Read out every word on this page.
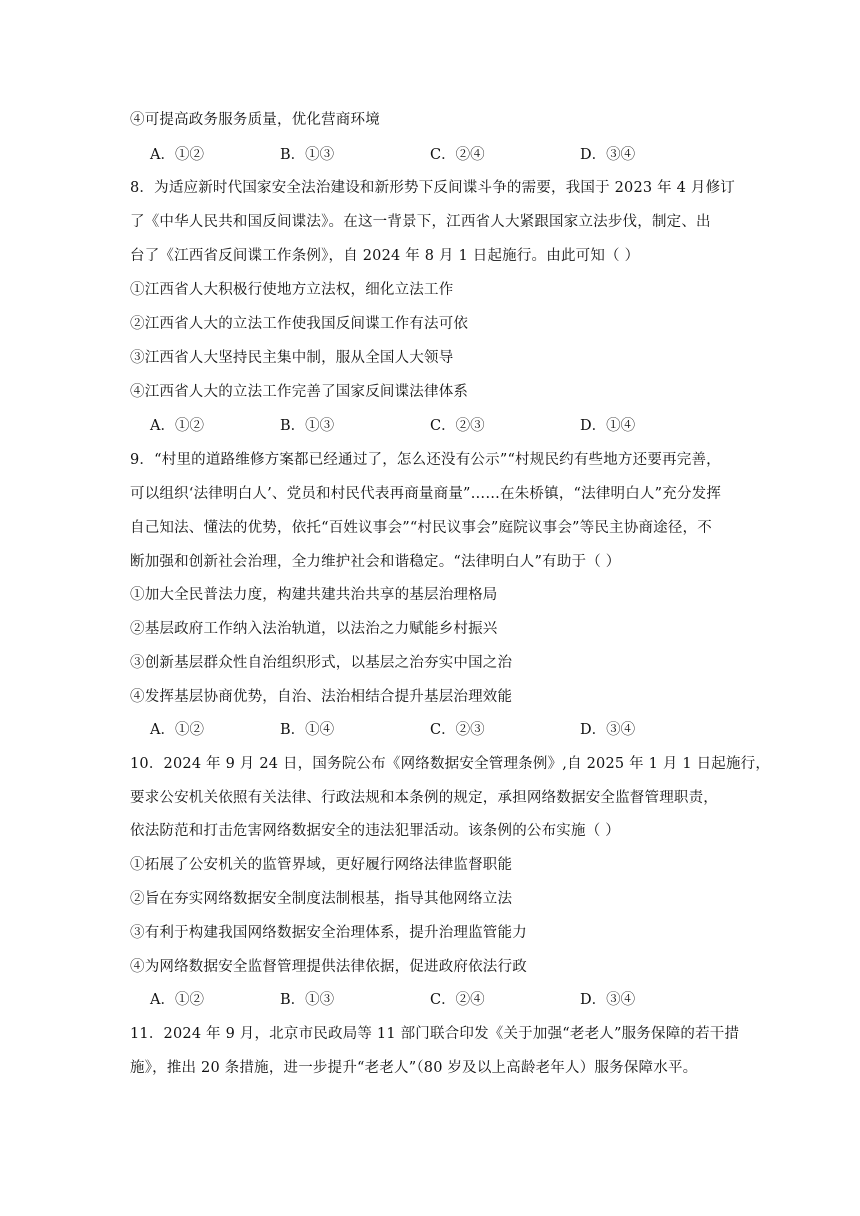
④可提高政务服务质量，优化营商环境
A．①②	B．①③	C．②④	D．③④
8．为适应新时代国家安全法治建设和新形势下反间谍斗争的需要，我国于 2023 年 4 月修订
了《中华人民共和国反间谍法》。在这一背景下，江西省人大紧跟国家立法步伐，制定、出
台了《江西省反间谍工作条例》，自 2024 年 8 月 1 日起施行。由此可知（ ）
①江西省人大积极行使地方立法权，细化立法工作
②江西省人大的立法工作使我国反间谍工作有法可依
③江西省人大坚持民主集中制，服从全国人大领导
④江西省人大的立法工作完善了国家反间谍法律体系
A．①②	B．①③	C．②③	D．①④
9．“村里的道路维修方案都已经通过了，怎么还没有公示”“村规民约有些地方还要再完善，
可以组织‘法律明白人’、党员和村民代表再商量商量”……在朱桥镇，“法律明白人”充分发挥
自己知法、懂法的优势，依托“百姓议事会”“村民议事会”庭院议事会”等民主协商途径，不
断加强和创新社会治理，全力维护社会和谐稳定。“法律明白人”有助于（ ）
①加大全民普法力度，构建共建共治共享的基层治理格局
②基层政府工作纳入法治轨道，以法治之力赋能乡村振兴
③创新基层群众性自治组织形式，以基层之治夯实中国之治
④发挥基层协商优势，自治、法治相结合提升基层治理效能
A．①②	B．①④	C．②③	D．③④
10．2024 年 9 月 24 日，国务院公布《网络数据安全管理条例》,自 2025 年 1 月 1 日起施行，
要求公安机关依照有关法律、行政法规和本条例的规定，承担网络数据安全监督管理职责，
依法防范和打击危害网络数据安全的违法犯罪活动。该条例的公布实施（ ）
①拓展了公安机关的监管界域，更好履行网络法律监督职能
②旨在夯实网络数据安全制度法制根基，指导其他网络立法
③有利于构建我国网络数据安全治理体系，提升治理监管能力
④为网络数据安全监督管理提供法律依据，促进政府依法行政
A．①②	B．①③	C．②④	D．③④
11．2024 年 9 月，北京市民政局等 11 部门联合印发《关于加强“老老人”服务保障的若干措
施》，推出 20 条措施，进一步提升“老老人”（80 岁及以上高龄老年人）服务保障水平。
